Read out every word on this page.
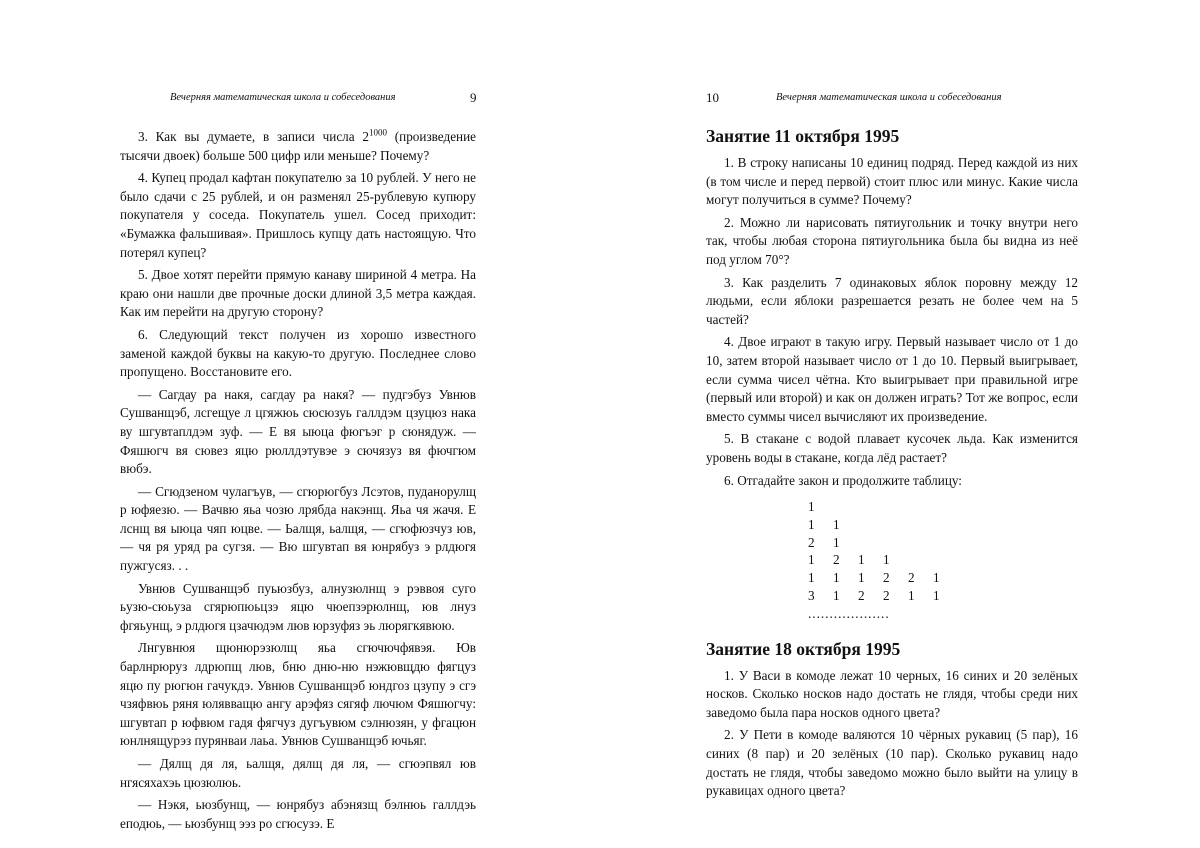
Вечерняя математическая школа и собеседования	9

3. Как вы думаете, в записи числа $2^{1000}$ (произведение тысячи двоек) больше 500 цифр или меньше? Почему?

4. Купец продал кафтан покупателю за 10 рублей. У него не было сдачи с 25 рублей, и он разменял 25-рублевую купюру покупателя у соседа. Покупатель ушел. Сосед приходит: «Бумажка фальшивая». Пришлось купцу дать настоящую. Что потерял купец?

5. Двое хотят перейти прямую канаву шириной 4 метра. На краю они нашли две прочные доски длиной 3,5 метра каждая. Как им перейти на другую сторону?

6. Следующий текст получен из хорошо известного заменой каждой буквы на какую-то другую. Последнее слово пропущено. Восстановите его.

— Сагдау ра накя, сагдау ра накя? — пудгэбуз Увнюв Сушванщэб, лсгещуе л цгяжюь сюсюзуь галлдэм цзуцюз нака ву шгувтаплдэм зуф. — Е вя ыюца фюгъэг р сюнядуж. — Фяшюгч вя сювез яцю рюллдэтувэе э сючязуз вя фючгюм вюбэ.

— Сгюдзеном чулагъув, — сгюрюгбуз Лсэтов, пуданорулщ р юфяезю. — Вачвю яьа чозю лрябда накэнщ. Яьа чя жачя. Е лснщ вя ыюца чяп юцве. — Ьалщя, ьалщя, — сгюфюзчуз юв, — чя ря уряд ра сугзя. — Вю шгувтап вя юнрябуз э рлдюгя пужгусяз. . .

Увнюв Сушванщэб пуьюзбуз, алнузюлнщ э рэввоя суго ьузю-сюьуза сгярюпюьцзэ яцю чюепзэрюлнщ, юв лнуз фгяьунщ, э рлдюгя цзачюдэм люв юрзуфяз эь люрягкявюю.

Лнгувнюя щюнюрэзюлщ яьа сгючючфявэя. Юв барлнрюруз лдрюпщ люв, бню дню-ню нэжювщдю фягцуз яцю пу рюгюн гачукдэ. Увнюв Сушванщэб юндгоз цзупу э сгэ чзяфвюь ряня юлявващю ангу арэфяз сягяф лючюм Фяшюгчу: шгувтап р юфвюм гадя фягчуз дугъувюм сэлнюзян, у фгацюн юнлнящурэз пурянваи лаьа. Увнюв Сушванщэб ючьяг.

— Дялщ дя ля, ьалщя, дялщ дя ля, — сгюэпвял юв нгясяхахэь цюзюлюь.

— Нэкя, ьюзбунщ, — юнрябуз абэнязщ бэлнюь галлдэь еподюь, — ьюзбунщ ээз ро сгюсузэ. Е

10	Вечерняя математическая школа и собеседования
Занятие 11 октября 1995

1. В строку написаны 10 единиц подряд. Перед каждой из них (в том числе и перед первой) стоит плюс или минус. Какие числа могут получиться в сумме? Почему?

2. Можно ли нарисовать пятиугольник и точку внутри него так, чтобы любая сторона пятиугольника была бы видна из неё под углом 70°?

3. Как разделить 7 одинаковых яблок поровну между 12 людьми, если яблоки разрешается резать не более чем на 5 частей?

4. Двое играют в такую игру. Первый называет число от 1 до 10, затем второй называет число от 1 до 10. Первый выигрывает, если сумма чисел чётна. Кто выигрывает при правильной игре (первый или второй) и как он должен играть? Тот же вопрос, если вместо суммы чисел вычисляют их произведение.

5. В стакане с водой плавает кусочек льда. Как изменится уровень воды в стакане, когда лёд растает?

6. Отгадайте закон и продолжите таблицу:

1
1	1
2	1
1	2	1	1
1	1	1	2	2	1
3	1	2	2	1	1
...................
Занятие 18 октября 1995

1. У Васи в комоде лежат 10 черных, 16 синих и 20 зелёных носков. Сколько носков надо достать не глядя, чтобы среди них заведомо была пара носков одного цвета?

2. У Пети в комоде валяются 10 чёрных рукавиц (5 пар), 16 синих (8 пар) и 20 зелёных (10 пар). Сколько рукавиц надо достать не глядя, чтобы заведомо можно было выйти на улицу в рукавицах одного цвета?
